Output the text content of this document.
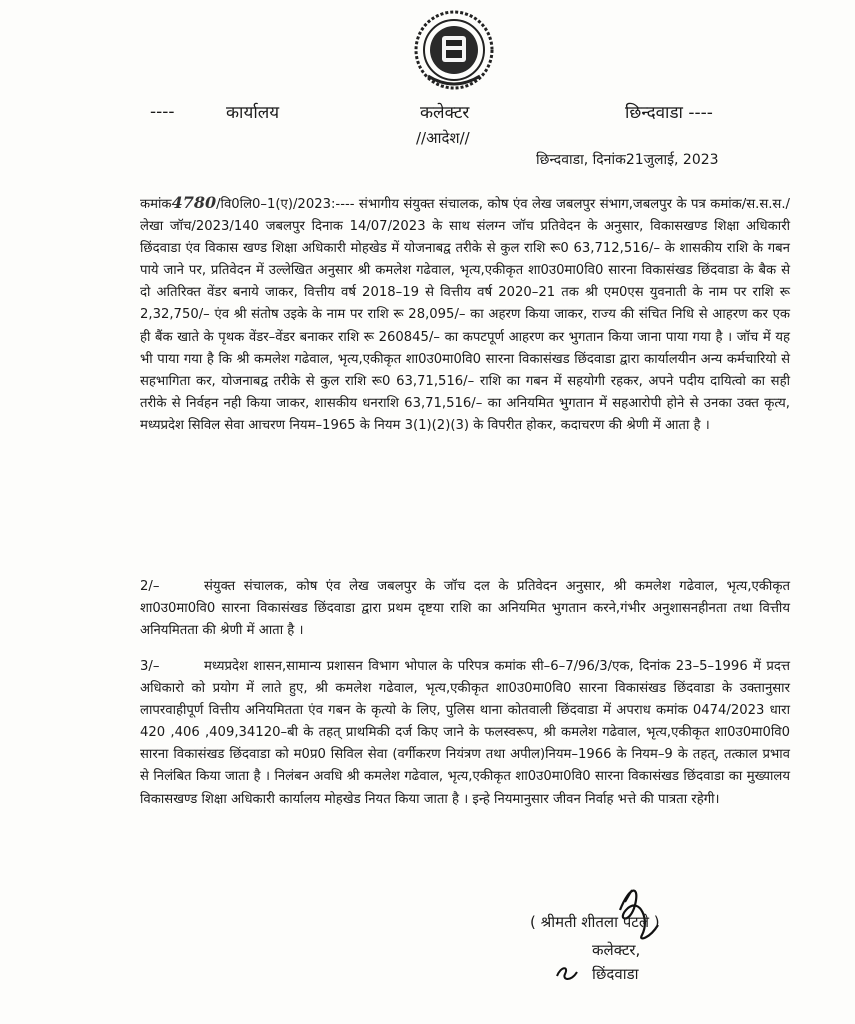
----	कार्यालय	कलेक्टर	छिन्दवाडा ----
//आदेश//
छिन्दवाडा, दिनांक21जुलाई, 2023

कमांक4780/वि0लि0–1(ए)/2023:---- संभागीय संयुक्त संचालक, कोष एंव लेख जबलपुर संभाग,जबलपुर के पत्र कमांक/स.स.स./लेखा जॉच/2023/140 जबलपुर दिनाक 14/07/2023 के साथ संलग्न जॉच प्रतिवेदन के अनुसार, विकासखण्ड शिक्षा अधिकारी छिंदवाडा एंव विकास खण्ड शिक्षा अधिकारी मोहखेड में योजनाबद्व तरीके से कुल राशि रू0 63,712,516/– के शासकीय राशि के गबन पाये जाने पर, प्रतिवेदन में उल्लेखित अनुसार श्री कमलेश गढेवाल, भृत्य,एकीकृत शा0उ0मा0वि0 सारना विकासंखड छिंदवाडा के बैक से दो अतिरिक्त वेंडर बनाये जाकर, वित्तीय वर्ष 2018–19 से वित्तीय वर्ष 2020–21 तक श्री एम0एस युवनाती के नाम पर राशि रू 2,32,750/– एंव श्री संतोष उइके के नाम पर राशि रू 28,095/– का अहरण किया जाकर, राज्य की संचित निधि से आहरण कर एक ही बैंक खाते के पृथक वेंडर–वेंडर बनाकर राशि रू 260845/– का कपटपूर्ण आहरण कर भुगतान किया जाना पाया गया है । जॉच में यह भी पाया गया है कि श्री कमलेश गढेवाल, भृत्य,एकीकृत शा0उ0मा0वि0 सारना विकासंखड छिंदवाडा द्वारा कार्यालयीन अन्य कर्मचारियो से सहभागिता कर, योजनाबद्व तरीके से कुल राशि रू0 63,71,516/– राशि का गबन में सहयोगी रहकर, अपने पदीय दायित्वो का सही तरीके से निर्वहन नही किया जाकर, शासकीय धनराशि 63,71,516/– का अनियमित भुगतान में सहआरोपी होने से उनका उक्त कृत्य, मध्यप्रदेश सिविल सेवा आचरण नियम–1965 के नियम 3(1)(2)(3) के विपरीत होकर, कदाचरण की श्रेणी में आता है ।

2/–	संयुक्त संचालक, कोष एंव लेख जबलपुर के जॉच दल के प्रतिवेदन अनुसार, श्री कमलेश गढेवाल, भृत्य,एकीकृत शा0उ0मा0वि0 सारना विकासंखड छिंदवाडा द्वारा प्रथम दृष्टया राशि का अनियमित भुगतान करने,गंभीर अनुशासनहीनता तथा वित्तीय अनियमितता की श्रेणी में आता है ।

3/–	मध्यप्रदेश शासन,सामान्य प्रशासन विभाग भोपाल के परिपत्र कमांक सी–6–7/96/3/एक, दिनांक 23–5–1996 में प्रदत्त अधिकारो को प्रयोग में लाते हुए, श्री कमलेश गढेवाल, भृत्य,एकीकृत शा0उ0मा0वि0 सारना विकासंखड छिंदवाडा के उक्तानुसार लापरवाहीपूर्ण वित्तीय अनियमितता एंव गबन के कृत्यो के लिए, पुलिस थाना कोतवाली छिंदवाडा में अपराध कमांक 0474/2023 धारा 420 ,406 ,409,34120–बी के तहत् प्राथमिकी दर्ज किए जाने के फलस्वरूप, श्री कमलेश गढेवाल, भृत्य,एकीकृत शा0उ0मा0वि0 सारना विकासंखड छिंदवाडा को म0प्र0 सिविल सेवा (वर्गीकरण नियंत्रण तथा अपील)नियम–1966 के नियम–9 के तहत्, तत्काल प्रभाव से निलंबित किया जाता है । निलंबन अवधि श्री कमलेश गढेवाल, भृत्य,एकीकृत शा0उ0मा0वि0 सारना विकासंखड छिंदवाडा का मुख्यालय विकासखण्ड शिक्षा अधिकारी कार्यालय मोहखेड नियत किया जाता है । इन्हे नियमानुसार जीवन निर्वाह भत्ते की पात्रता रहेगी।

( श्रीमती शीतला पटले )
कलेक्टर,
छिंदवाडा
